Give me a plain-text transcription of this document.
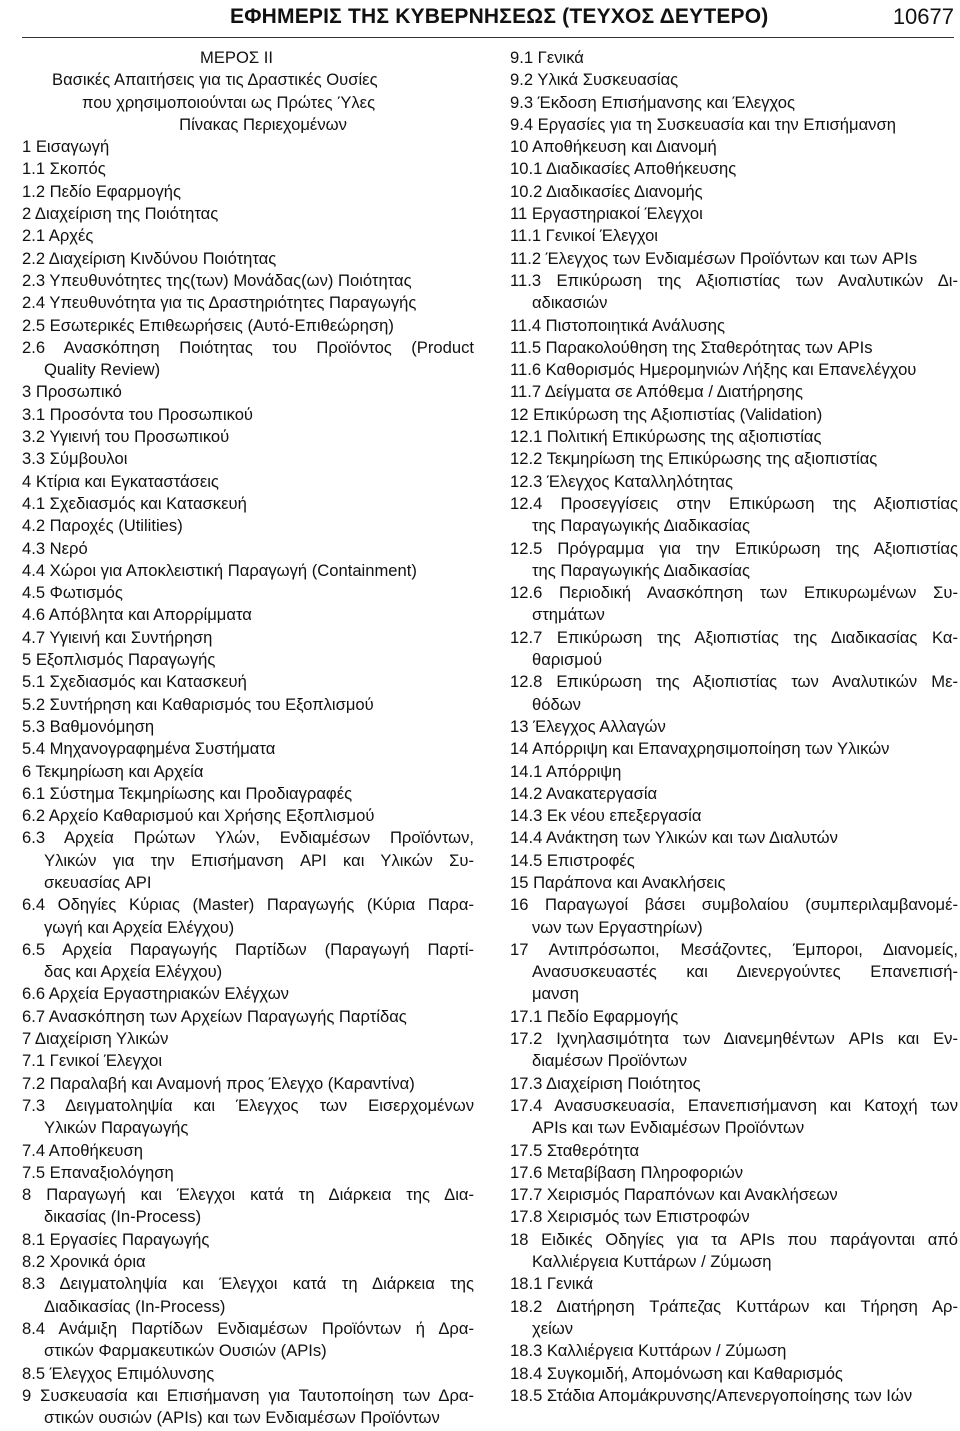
ΕΦΗΜΕΡΙΣ ΤΗΣ ΚΥΒΕΡΝΗΣΕΩΣ (ΤΕΥΧΟΣ ΔΕΥΤΕΡΟ)	10677
ΜΕΡΟΣ ΙΙ
Βασικές Απαιτήσεις για τις Δραστικές Ουσίες
που χρησιμοποιούνται ως Πρώτες Ύλες
Πίνακας Περιεχομένων
1 Εισαγωγή
1.1 Σκοπός
1.2 Πεδίο Εφαρμογής
2 Διαχείριση της Ποιότητας
2.1 Αρχές
2.2 Διαχείριση Κινδύνου Ποιότητας
2.3 Υπευθυνότητες της(των) Μονάδας(ων) Ποιότητας
2.4 Υπευθυνότητα για τις Δραστηριότητες Παραγωγής
2.5 Εσωτερικές Επιθεωρήσεις (Αυτό-Επιθεώρηση)
2.6 Ανασκόπηση Ποιότητας του Προϊόντος (Product
Quality Review)
3 Προσωπικό
3.1 Προσόντα του Προσωπικού
3.2 Υγιεινή του Προσωπικού
3.3 Σύμβουλοι
4 Κτίρια και Εγκαταστάσεις
4.1 Σχεδιασμός και Κατασκευή
4.2 Παροχές (Utilities)
4.3 Νερό
4.4 Χώροι για Αποκλειστική Παραγωγή (Containment)
4.5 Φωτισμός
4.6 Απόβλητα και Απορρίμματα
4.7 Υγιεινή και Συντήρηση
5 Εξοπλισμός Παραγωγής
5.1 Σχεδιασμός και Κατασκευή
5.2 Συντήρηση και Καθαρισμός του Εξοπλισμού
5.3 Βαθμονόμηση
5.4 Μηχανογραφημένα Συστήματα
6 Τεκμηρίωση και Αρχεία
6.1 Σύστημα Τεκμηρίωσης και Προδιαγραφές
6.2 Αρχείο Καθαρισμού και Χρήσης Εξοπλισμού
6.3 Αρχεία Πρώτων Υλών, Ενδιαμέσων Προϊόντων,
Υλικών για την Επισήμανση API και Υλικών Συ-
σκευασίας API
6.4 Οδηγίες Κύριας (Master) Παραγωγής (Κύρια Παρα-
γωγή και Αρχεία Ελέγχου)
6.5 Αρχεία Παραγωγής Παρτίδων (Παραγωγή Παρτί-
δας και Αρχεία Ελέγχου)
6.6 Αρχεία Εργαστηριακών Ελέγχων
6.7 Ανασκόπηση των Αρχείων Παραγωγής Παρτίδας
7 Διαχείριση Υλικών
7.1 Γενικοί Έλεγχοι
7.2 Παραλαβή και Αναμονή προς Έλεγχο (Καραντίνα)
7.3 Δειγματοληψία και Έλεγχος των Εισερχομένων
Υλικών Παραγωγής
7.4 Αποθήκευση
7.5 Επαναξιολόγηση
8 Παραγωγή και Έλεγχοι κατά τη Διάρκεια της Δια-
δικασίας (In-Process)
8.1 Εργασίες Παραγωγής
8.2 Χρονικά όρια
8.3 Δειγματοληψία και Έλεγχοι κατά τη Διάρκεια της
Διαδικασίας (In-Process)
8.4 Ανάμιξη Παρτίδων Ενδιαμέσων Προϊόντων ή Δρα-
στικών Φαρμακευτικών Ουσιών (APIs)
8.5 Έλεγχος Επιμόλυνσης
9 Συσκευασία και Επισήμανση για Ταυτοποίηση των Δρα-
στικών ουσιών (APIs) και των Ενδιαμέσων Προϊόντων
9.1 Γενικά
9.2 Υλικά Συσκευασίας
9.3 Έκδοση Επισήμανσης και Έλεγχος
9.4 Εργασίες για τη Συσκευασία και την Επισήμανση
10 Αποθήκευση και Διανομή
10.1 Διαδικασίες Αποθήκευσης
10.2 Διαδικασίες Διανομής
11 Εργαστηριακοί Έλεγχοι
11.1 Γενικοί Έλεγχοι
11.2 Έλεγχος των Ενδιαμέσων Προϊόντων και των APIs
11.3 Επικύρωση της Αξιοπιστίας των Αναλυτικών Δι-
αδικασιών
11.4 Πιστοποιητικά Ανάλυσης
11.5 Παρακολούθηση της Σταθερότητας των APIs
11.6 Καθορισμός Ημερομηνιών Λήξης και Επανελέγχου
11.7 Δείγματα σε Απόθεμα / Διατήρησης
12 Επικύρωση της Αξιοπιστίας (Validation)
12.1 Πολιτική Επικύρωσης της αξιοπιστίας
12.2 Τεκμηρίωση της Επικύρωσης της αξιοπιστίας
12.3 Έλεγχος Καταλληλότητας
12.4 Προσεγγίσεις στην Επικύρωση της Αξιοπιστίας
της Παραγωγικής Διαδικασίας
12.5 Πρόγραμμα για την Επικύρωση της Αξιοπιστίας
της Παραγωγικής Διαδικασίας
12.6 Περιοδική Ανασκόπηση των Επικυρωμένων Συ-
στημάτων
12.7 Επικύρωση της Αξιοπιστίας της Διαδικασίας Κα-
θαρισμού
12.8 Επικύρωση της Αξιοπιστίας των Αναλυτικών Με-
θόδων
13 Έλεγχος Αλλαγών
14 Απόρριψη και Επαναχρησιμοποίηση των Υλικών
14.1 Απόρριψη
14.2 Ανακατεργασία
14.3 Εκ νέου επεξεργασία
14.4 Ανάκτηση των Υλικών και των Διαλυτών
14.5 Επιστροφές
15 Παράπονα και Ανακλήσεις
16 Παραγωγοί βάσει συμβολαίου (συμπεριλαμβανομέ-
νων των Εργαστηρίων)
17 Αντιπρόσωποι, Μεσάζοντες, Έμποροι, Διανομείς,
Ανασυσκευαστές και Διενεργούντες Επανεπισή-
μανση
17.1 Πεδίο Εφαρμογής
17.2 Ιχνηλασιμότητα των Διανεμηθέντων APIs και Εν-
διαμέσων Προϊόντων
17.3 Διαχείριση Ποιότητος
17.4 Ανασυσκευασία, Επανεπισήμανση και Κατοχή των
APIs και των Ενδιαμέσων Προϊόντων
17.5 Σταθερότητα
17.6 Μεταβίβαση Πληροφοριών
17.7 Χειρισμός Παραπόνων και Ανακλήσεων
17.8 Χειρισμός των Επιστροφών
18 Ειδικές Οδηγίες για τα APIs που παράγονται από
Καλλιέργεια Κυττάρων / Ζύμωση
18.1 Γενικά
18.2 Διατήρηση Τράπεζας Κυττάρων και Τήρηση Αρ-
χείων
18.3 Καλλιέργεια Κυττάρων / Ζύμωση
18.4 Συγκομιδή, Απομόνωση και Καθαρισμός
18.5 Στάδια Απομάκρυνσης/Απενεργοποίησης των Ιών
